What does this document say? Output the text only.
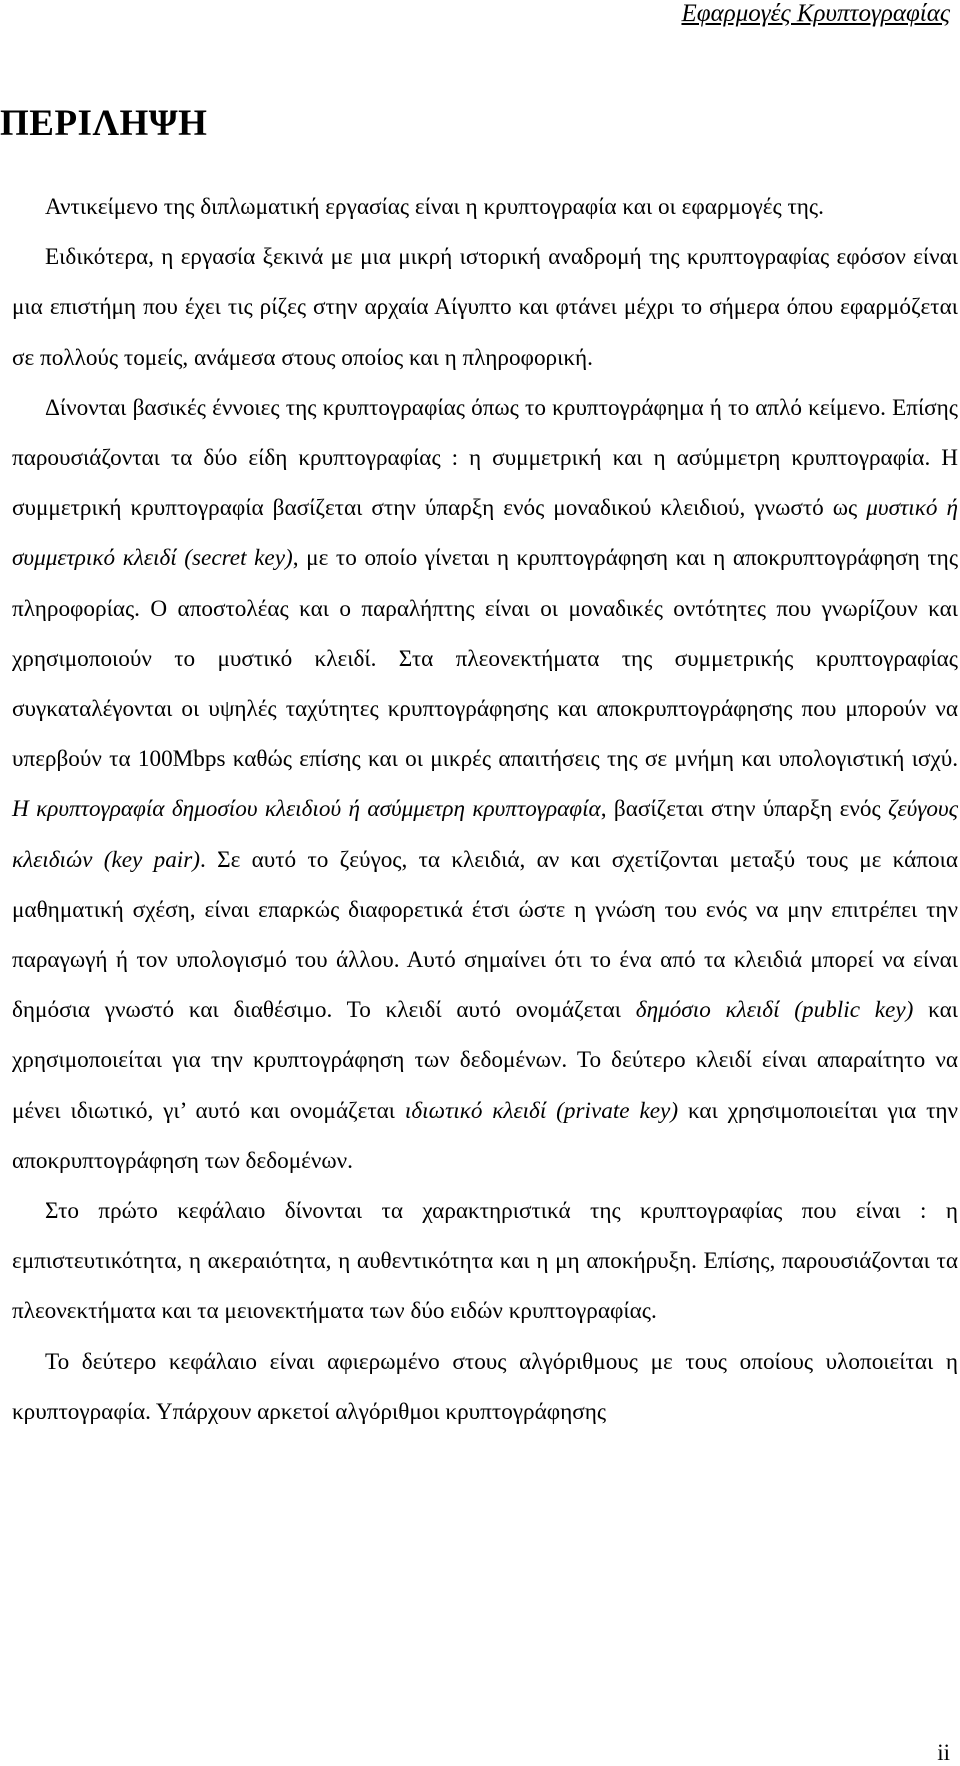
Εφαρμογές Κρυπτογραφίας
ΠΕΡΙΛΗΨΗ

Αντικείμενο της διπλωματική εργασίας είναι η κρυπτογραφία και οι εφαρμογές της.

Ειδικότερα, η εργασία ξεκινά με μια μικρή ιστορική αναδρομή της κρυπτογραφίας εφόσον είναι μια επιστήμη που έχει τις ρίζες στην αρχαία Αίγυπτο και φτάνει μέχρι το σήμερα όπου εφαρμόζεται σε πολλούς τομείς, ανάμεσα στους οποίος και η πληροφορική.

Δίνονται βασικές έννοιες της κρυπτογραφίας όπως το κρυπτογράφημα ή το απλό κείμενο. Επίσης παρουσιάζονται τα δύο είδη κρυπτογραφίας : η συμμετρική και η ασύμμετρη κρυπτογραφία. Η συμμετρική κρυπτογραφία βασίζεται στην ύπαρξη ενός μοναδικού κλειδιού, γνωστό ως μυστικό ή συμμετρικό κλειδί (secret key), με το οποίο γίνεται η κρυπτογράφηση και η αποκρυπτογράφηση της πληροφορίας. Ο αποστολέας και ο παραλήπτης είναι οι μοναδικές οντότητες που γνωρίζουν και χρησιμοποιούν το μυστικό κλειδί. Στα πλεονεκτήματα της συμμετρικής κρυπτογραφίας συγκαταλέγονται οι υψηλές ταχύτητες κρυπτογράφησης και αποκρυπτογράφησης που μπορούν να υπερβούν τα 100Mbps καθώς επίσης και οι μικρές απαιτήσεις της σε μνήμη και υπολογιστική ισχύ. Η κρυπτογραφία δημοσίου κλειδιού ή ασύμμετρη κρυπτογραφία, βασίζεται στην ύπαρξη ενός ζεύγους κλειδιών (key pair). Σε αυτό το ζεύγος, τα κλειδιά, αν και σχετίζονται μεταξύ τους με κάποια μαθηματική σχέση, είναι επαρκώς διαφορετικά έτσι ώστε η γνώση του ενός να μην επιτρέπει την παραγωγή ή τον υπολογισμό του άλλου. Αυτό σημαίνει ότι το ένα από τα κλειδιά μπορεί να είναι δημόσια γνωστό και διαθέσιμο. Το κλειδί αυτό ονομάζεται δημόσιο κλειδί (public key) και χρησιμοποιείται για την κρυπτογράφηση των δεδομένων. Το δεύτερο κλειδί είναι απαραίτητο να μένει ιδιωτικό, γι’ αυτό και ονομάζεται ιδιωτικό κλειδί (private key) και χρησιμοποιείται για την αποκρυπτογράφηση των δεδομένων.

Στο πρώτο κεφάλαιο δίνονται τα χαρακτηριστικά της κρυπτογραφίας που είναι : η εμπιστευτικότητα, η ακεραιότητα, η αυθεντικότητα και η μη αποκήρυξη. Επίσης, παρουσιάζονται τα πλεονεκτήματα και τα μειονεκτήματα των δύο ειδών κρυπτογραφίας.

Το δεύτερο κεφάλαιο είναι αφιερωμένο στους αλγόριθμους με τους οποίους υλοποιείται η κρυπτογραφία. Υπάρχουν αρκετοί αλγόριθμοι κρυπτογράφησης

ii
